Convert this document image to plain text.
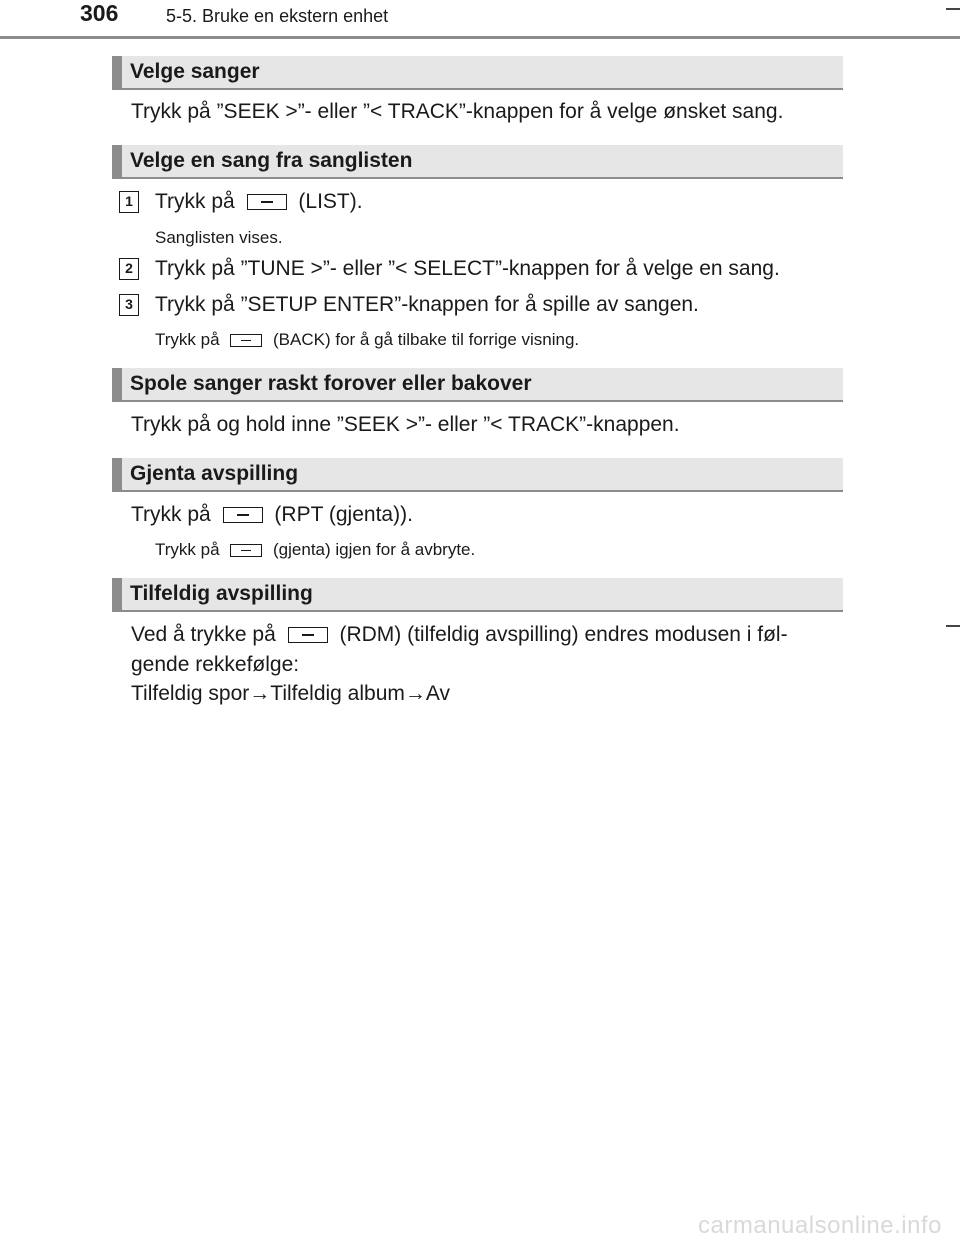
306	5-5. Bruke en ekstern enhet
Velge sanger
Trykk på ”SEEK >”- eller ”< TRACK”-knappen for å velge ønsket sang.
Velge en sang fra sanglisten
1 Trykk på	(LIST).
Sanglisten vises.
2 Trykk på ”TUNE >”- eller ”< SELECT”-knappen for å velge en sang.
3 Trykk på ”SETUP ENTER”-knappen for å spille av sangen.
Trykk på	(BACK) for å gå tilbake til forrige visning.
Spole sanger raskt forover eller bakover
Trykk på og hold inne ”SEEK >”- eller ”< TRACK”-knappen.
Gjenta avspilling
Trykk på	(RPT (gjenta)).
Trykk på	(gjenta) igjen for å avbryte.
Tilfeldig avspilling
Ved å trykke på	(RDM) (tilfeldig avspilling) endres modusen i føl-
gende rekkefølge:
Tilfeldig spor→Tilfeldig album→Av
carmanualsonline.info
